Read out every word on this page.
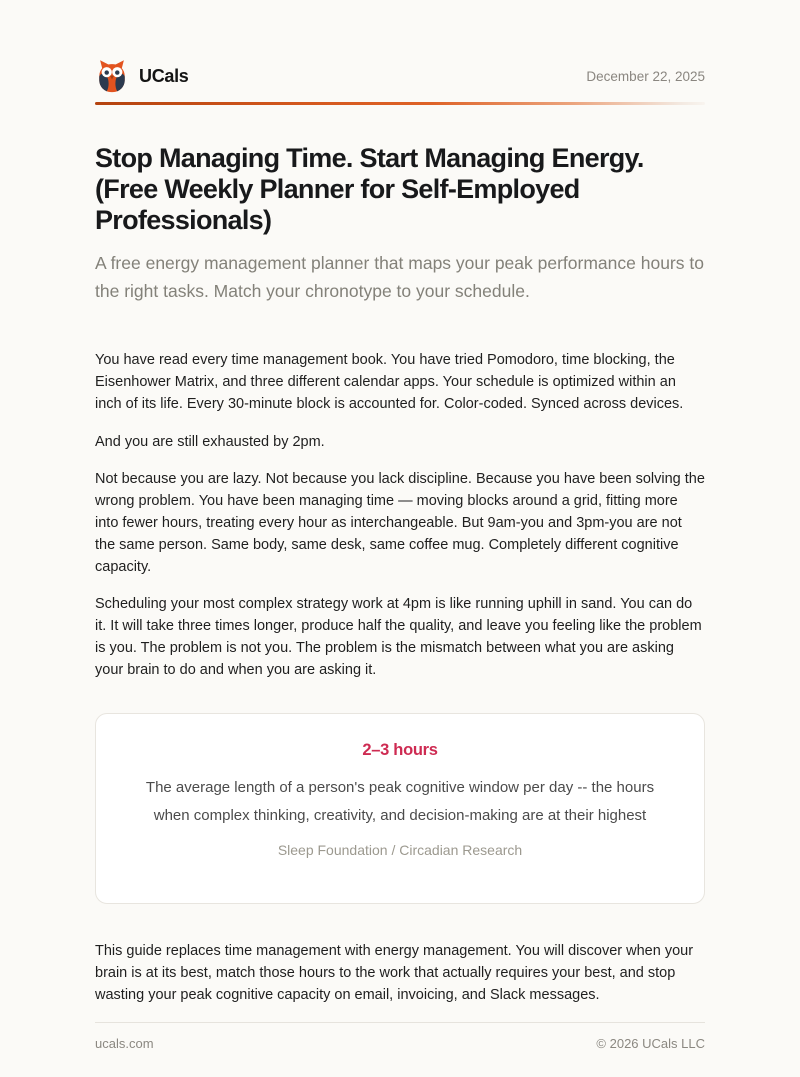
UCals	December 22, 2025
Stop Managing Time. Start Managing Energy. (Free Weekly Planner for Self-Employed Professionals)

A free energy management planner that maps your peak performance hours to the right tasks. Match your chronotype to your schedule.

You have read every time management book. You have tried Pomodoro, time blocking, the Eisenhower Matrix, and three different calendar apps. Your schedule is optimized within an inch of its life. Every 30-minute block is accounted for. Color-coded. Synced across devices.

And you are still exhausted by 2pm.

Not because you are lazy. Not because you lack discipline. Because you have been solving the wrong problem. You have been managing time — moving blocks around a grid, fitting more into fewer hours, treating every hour as interchangeable. But 9am-you and 3pm-you are not the same person. Same body, same desk, same coffee mug. Completely different cognitive capacity.

Scheduling your most complex strategy work at 4pm is like running uphill in sand. You can do it. It will take three times longer, produce half the quality, and leave you feeling like the problem is you. The problem is not you. The problem is the mismatch between what you are asking your brain to do and when you are asking it.

2–3 hours
The average length of a person's peak cognitive window per day -- the hours when complex thinking, creativity, and decision-making are at their highest
Sleep Foundation / Circadian Research

This guide replaces time management with energy management. You will discover when your brain is at its best, match those hours to the work that actually requires your best, and stop wasting your peak cognitive capacity on email, invoicing, and Slack messages.

ucals.com	© 2026 UCals LLC
